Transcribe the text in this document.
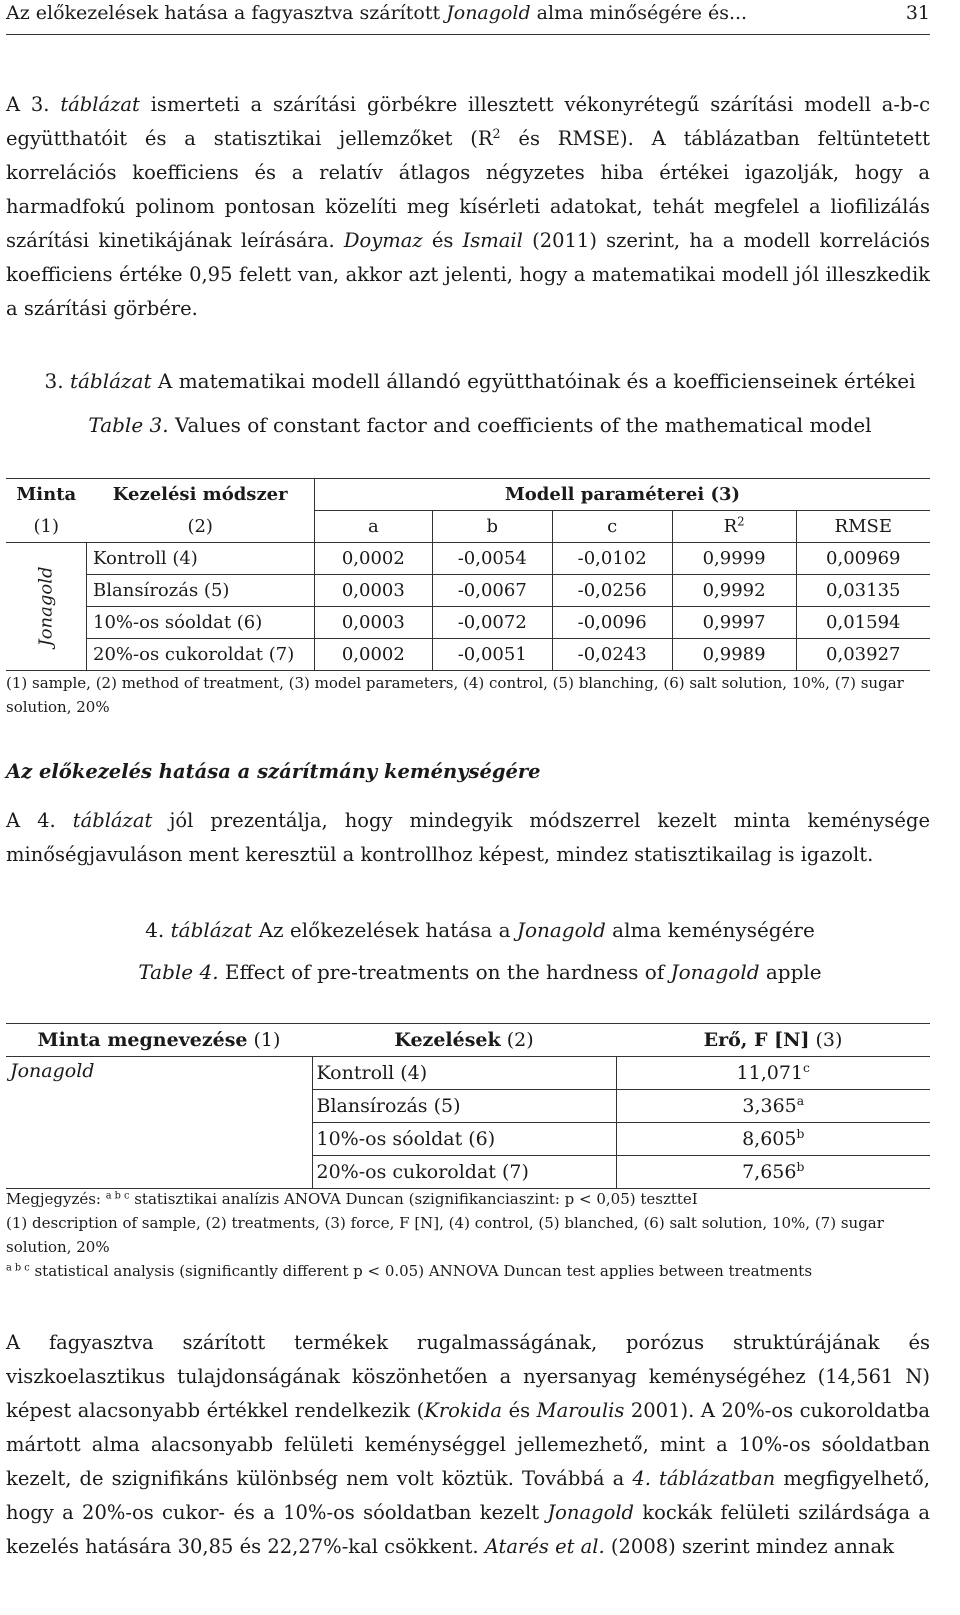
Az előkezelések hatása a fagyasztva szárított Jonagold alma minőségére és...	31
A 3. táblázat ismerteti a szárítási görbékre illesztett vékonyrétegű szárítási modell a-b-c együtthatóit és a statisztikai jellemzőket ($R^2$ és RMSE). A táblázatban feltüntetett korrelációs koefficiens és a relatív átlagos négyzetes hiba értékei igazolják, hogy a harmadfokú polinom pontosan közelíti meg kísérleti adatokat, tehát megfelel a liofilizálás szárítási kinetikájának leírására. Doymaz és Ismail (2011) szerint, ha a modell korrelációs koefficiens értéke 0,95 felett van, akkor azt jelenti, hogy a matematikai modell jól illeszkedik a szárítási görbére.
3. táblázat A matematikai modell állandó együtthatóinak és a koefficienseinek értékei
Table 3. Values of constant factor and coefficients of the mathematical model
Minta	Kezelési módszer	Modell paraméterei (3)				
(1)	(2)	a	b	c	$R^2$	RMSE
Jonagold	Kontroll (4)	0,0002	-0,0054	-0,0102	0,9999	0,00969
	Blansírozás (5)	0,0003	-0,0067	-0,0256	0,9992	0,03135
	10%-os sóoldat (6)	0,0003	-0,0072	-0,0096	0,9997	0,01594
	20%-os cukoroldat (7)	0,0002	-0,0051	-0,0243	0,9989	0,03927
(1) sample, (2) method of treatment, (3) model parameters, (4) control, (5) blanching, (6) salt solution, 10%, (7) sugar solution, 20%
Az előkezelés hatása a szárítmány keménységére
A 4. táblázat jól prezentálja, hogy mindegyik módszerrel kezelt minta keménysége minőségjavuláson ment keresztül a kontrollhoz képest, mindez statisztikailag is igazolt.
4. táblázat Az előkezelések hatása a Jonagold alma keménységére
Table 4. Effect of pre-treatments on the hardness of Jonagold apple
Minta megnevezése (1)	Kezelések (2)	Erő, F [N] (3)
Jonagold	Kontroll (4)	11,071$^c$
	Blansírozás (5)	3,365$^a$
	10%-os sóoldat (6)	8,605$^b$
	20%-os cukoroldat (7)	7,656$^b$
Megjegyzés: $^{a b c}$ statisztikai analízis ANOVA Duncan (szignifikanciaszint: p < 0,05) tesztteI
(1) description of sample, (2) treatments, (3) force, F [N], (4) control, (5) blanched, (6) salt solution, 10%, (7) sugar solution, 20%
$^{a b c}$ statistical analysis (significantly different p < 0.05) ANNOVA Duncan test applies between treatments
A fagyasztva szárított termékek rugalmasságának, porózus struktúrájának és viszkoelasztikus tulajdonságának köszönhetően a nyersanyag keménységéhez (14,561 N) képest alacsonyabb értékkel rendelkezik (Krokida és Maroulis 2001). A 20%-os cukoroldatba mártott alma alacsonyabb felületi keménységgel jellemezhető, mint a 10%-os sóoldatban kezelt, de szignifikáns különbség nem volt köztük. Továbbá a 4. táblázatban megfigyelhető, hogy a 20%-os cukor- és a 10%-os sóoldatban kezelt Jonagold kockák felületi szilárdsága a kezelés hatására 30,85 és 22,27%-kal csökkent. Atarés et al. (2008) szerint mindez annak
